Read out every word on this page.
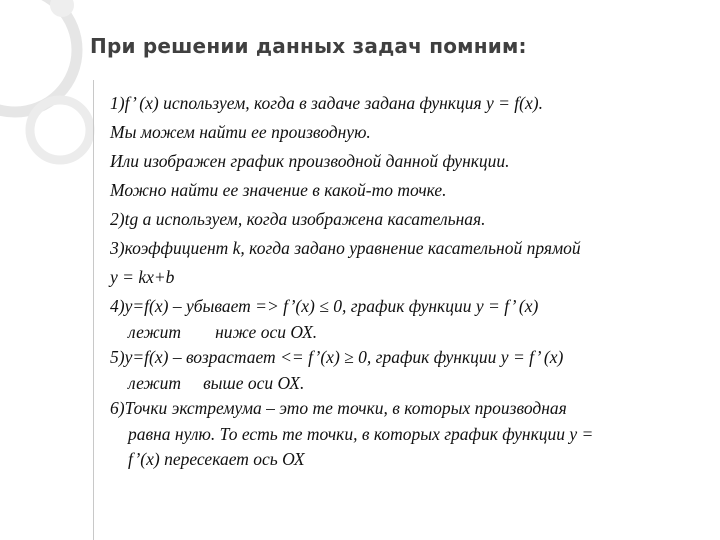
При решении данных задач помним:
1)f’ (x) используем, когда в задаче задана функция у = f(x).
Мы можем найти ее производную.
Или изображен график производной данной функции.
Можно найти ее значение в какой-то точке.
2)tg a используем, когда изображена касательная.
3)коэффициент k, когда задано уравнение касательной прямой
у = kx+b
4)y=f(x) – убывает => f’(x) ≤ 0, график функции у = f’ (x)
лежит ниже оси ОХ.
5)y=f(x) – возрастает <= f’(x) ≥ 0, график функции у = f’ (x)
лежит выше оси ОХ.
6)Точки экстремума – это те точки, в которых производная
равна нулю. То есть те точки, в которых график функции у =
f’(x) пересекает ось ОХ
